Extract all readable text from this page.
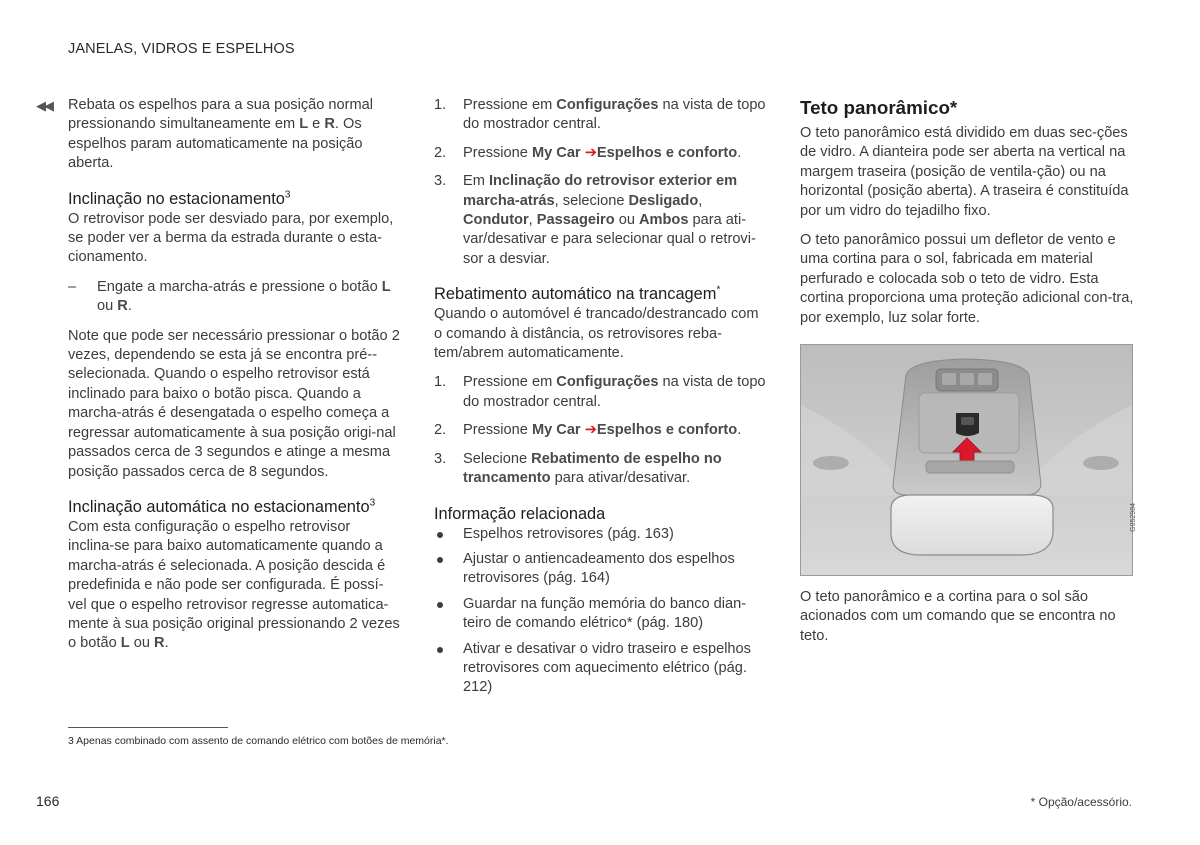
JANELAS, VIDROS E ESPELHOS
◀◀ Rebata os espelhos para a sua posição normal pressionando simultaneamente em L e R. Os espelhos param automaticamente na posição aberta.

Inclinação no estacionamento$^3$

O retrovisor pode ser desviado para, por exemplo, se poder ver a berma da estrada durante o esta-cionamento.

– Engate a marcha-atrás e pressione o botão L
ou R.

Note que pode ser necessário pressionar o botão 2 vezes, dependendo se esta já se encontra pré--selecionada. Quando o espelho retrovisor está inclinado para baixo o botão pisca. Quando a marcha-atrás é desengatada o espelho começa a regressar automaticamente à sua posição origi-nal passados cerca de 3 segundos e atinge a mesma posição passados cerca de 8 segundos.

Inclinação automática no estacionamento$^3$

Com esta configuração o espelho retrovisor inclina-se para baixo automaticamente quando a marcha-atrás é selecionada. A posição descida é predefinida e não pode ser configurada. É possí-vel que o espelho retrovisor regresse automatica-mente à sua posição original pressionando 2 vezes o botão L ou R.

1. Pressione em Configurações na vista de topo do mostrador central.
2. Pressione My Car ➔Espelhos e conforto.
3. Em Inclinação do retrovisor exterior em marcha-atrás, selecione Desligado, Condutor, Passageiro ou Ambos para ati-var/desativar e para selecionar qual o retrovi-sor a desviar.
Rebatimento automático na trancagem*

Quando o automóvel é trancado/destrancado com o comando à distância, os retrovisores reba-tem/abrem automaticamente.

1. Pressione em Configurações na vista de topo do mostrador central.
2. Pressione My Car ➔Espelhos e conforto.
3. Selecione Rebatimento de espelho no trancamento para ativar/desativar.
Informação relacionada
Espelhos retrovisores (pág. 163)
Ajustar o antiencadeamento dos espelhos retrovisores (pág. 164)
Guardar na função memória do banco dian-teiro de comando elétrico* (pág. 180)
Ativar e desativar o vidro traseiro e espelhos retrovisores com aquecimento elétrico (pág. 212)
Teto panorâmico*

O teto panorâmico está dividido em duas sec-ções de vidro. A dianteira pode ser aberta na vertical na margem traseira (posição de ventila-ção) ou na horizontal (posição aberta). A traseira é constituída por um vidro do tejadilho fixo.

O teto panorâmico possui um defletor de vento e uma cortina para o sol, fabricada em material perfurado e colocada sob o teto de vidro. Esta cortina proporciona uma proteção adicional con-tra, por exemplo, luz solar forte.

G052984

O teto panorâmico e a cortina para o sol são acionados com um comando que se encontra no teto.

3 Apenas combinado com assento de comando elétrico com botões de memória*.
166	* Opção/acessório.
